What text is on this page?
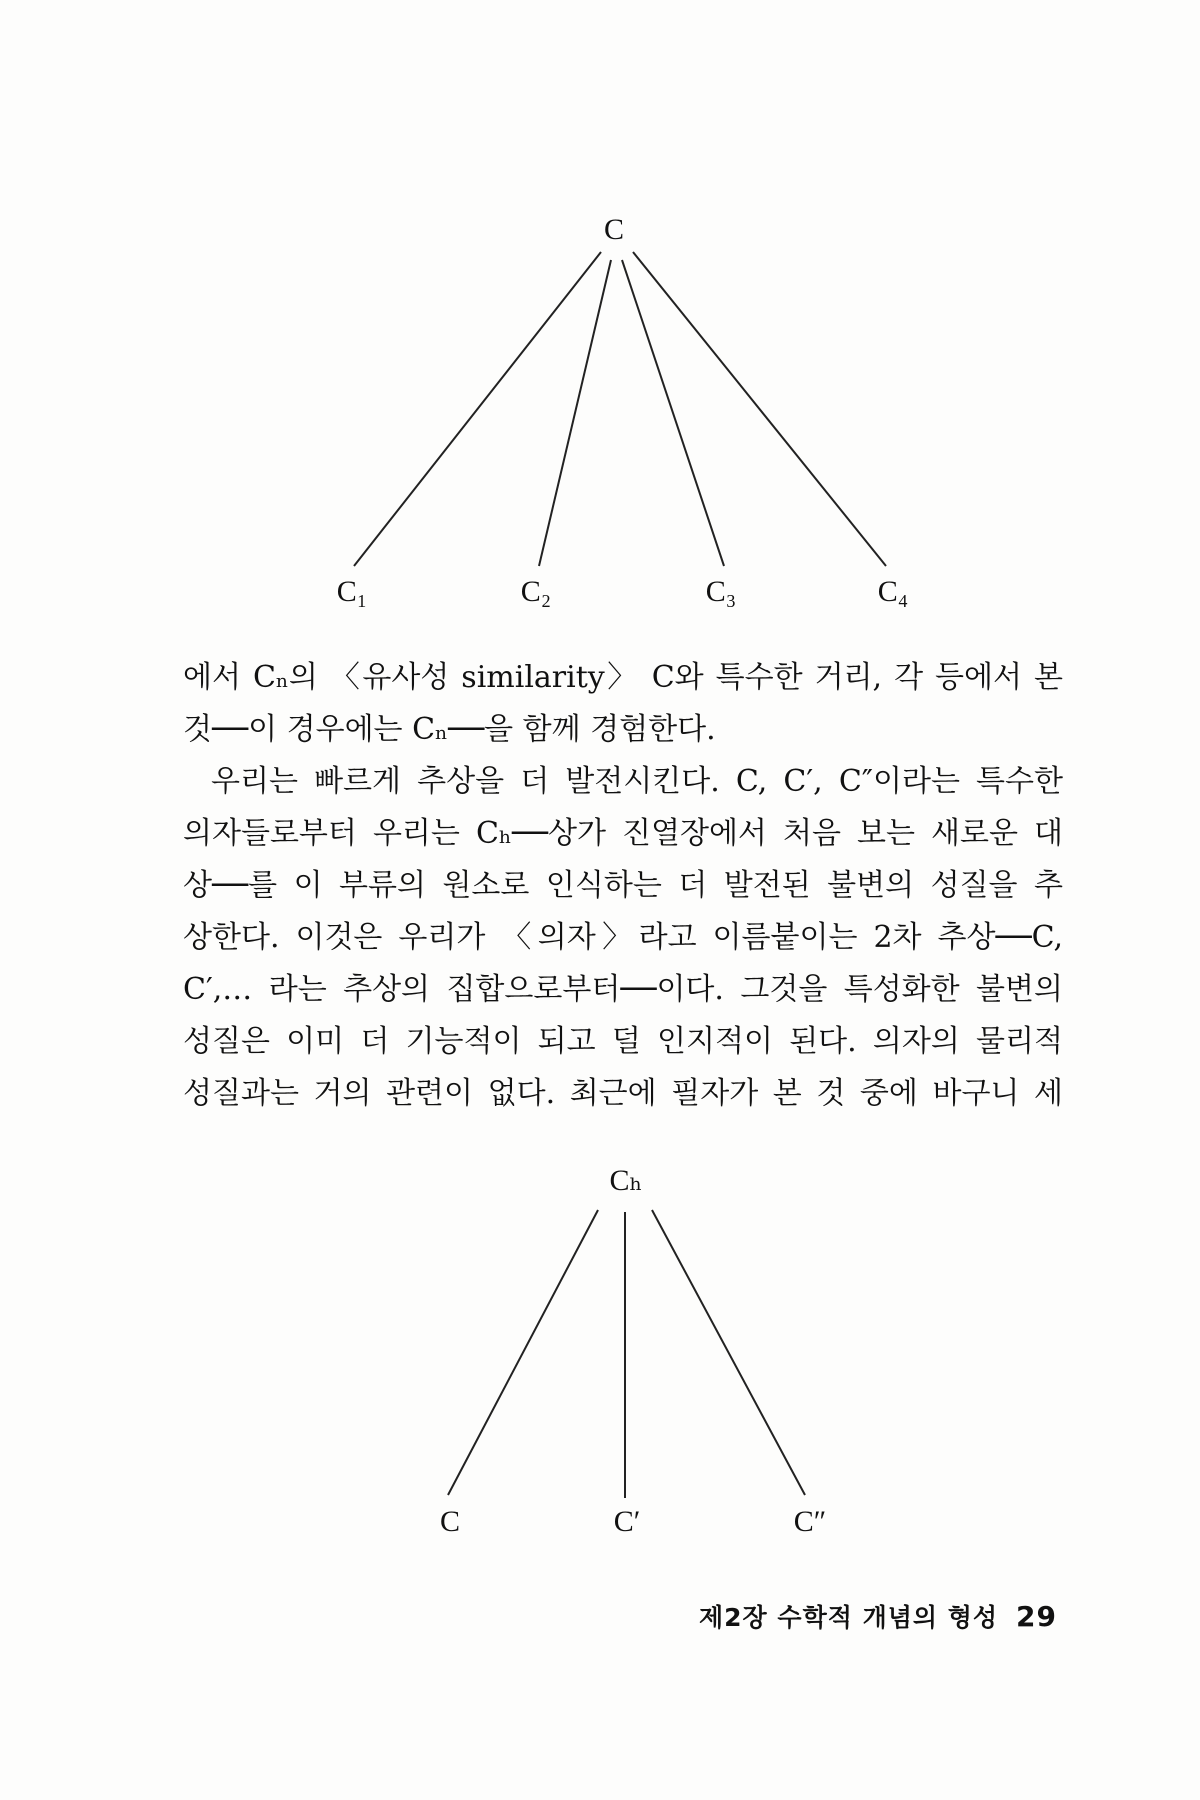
C
C₁	C₂	C₃	C₄
에서 Cₙ의 〈유사성 similarity〉 C와 특수한 거리, 각 등에서 본
것──이 경우에는 Cₙ──을 함께 경험한다.
우리는 빠르게 추상을 더 발전시킨다. C, C′, C″이라는 특수한
의자들로부터 우리는 Cₕ──상가 진열장에서 처음 보는 새로운 대
상──를 이 부류의 원소로 인식하는 더 발전된 불변의 성질을 추
상한다. 이것은 우리가 〈의자〉라고 이름붙이는 2차 추상──C,
C′,… 라는 추상의 집합으로부터──이다. 그것을 특성화한 불변의
성질은 이미 더 기능적이 되고 덜 인지적이 된다. 의자의 물리적
성질과는 거의 관련이 없다. 최근에 필자가 본 것 중에 바구니 세
Cₕ
C	C′	C″
제2장 수학적 개념의 형성 29
